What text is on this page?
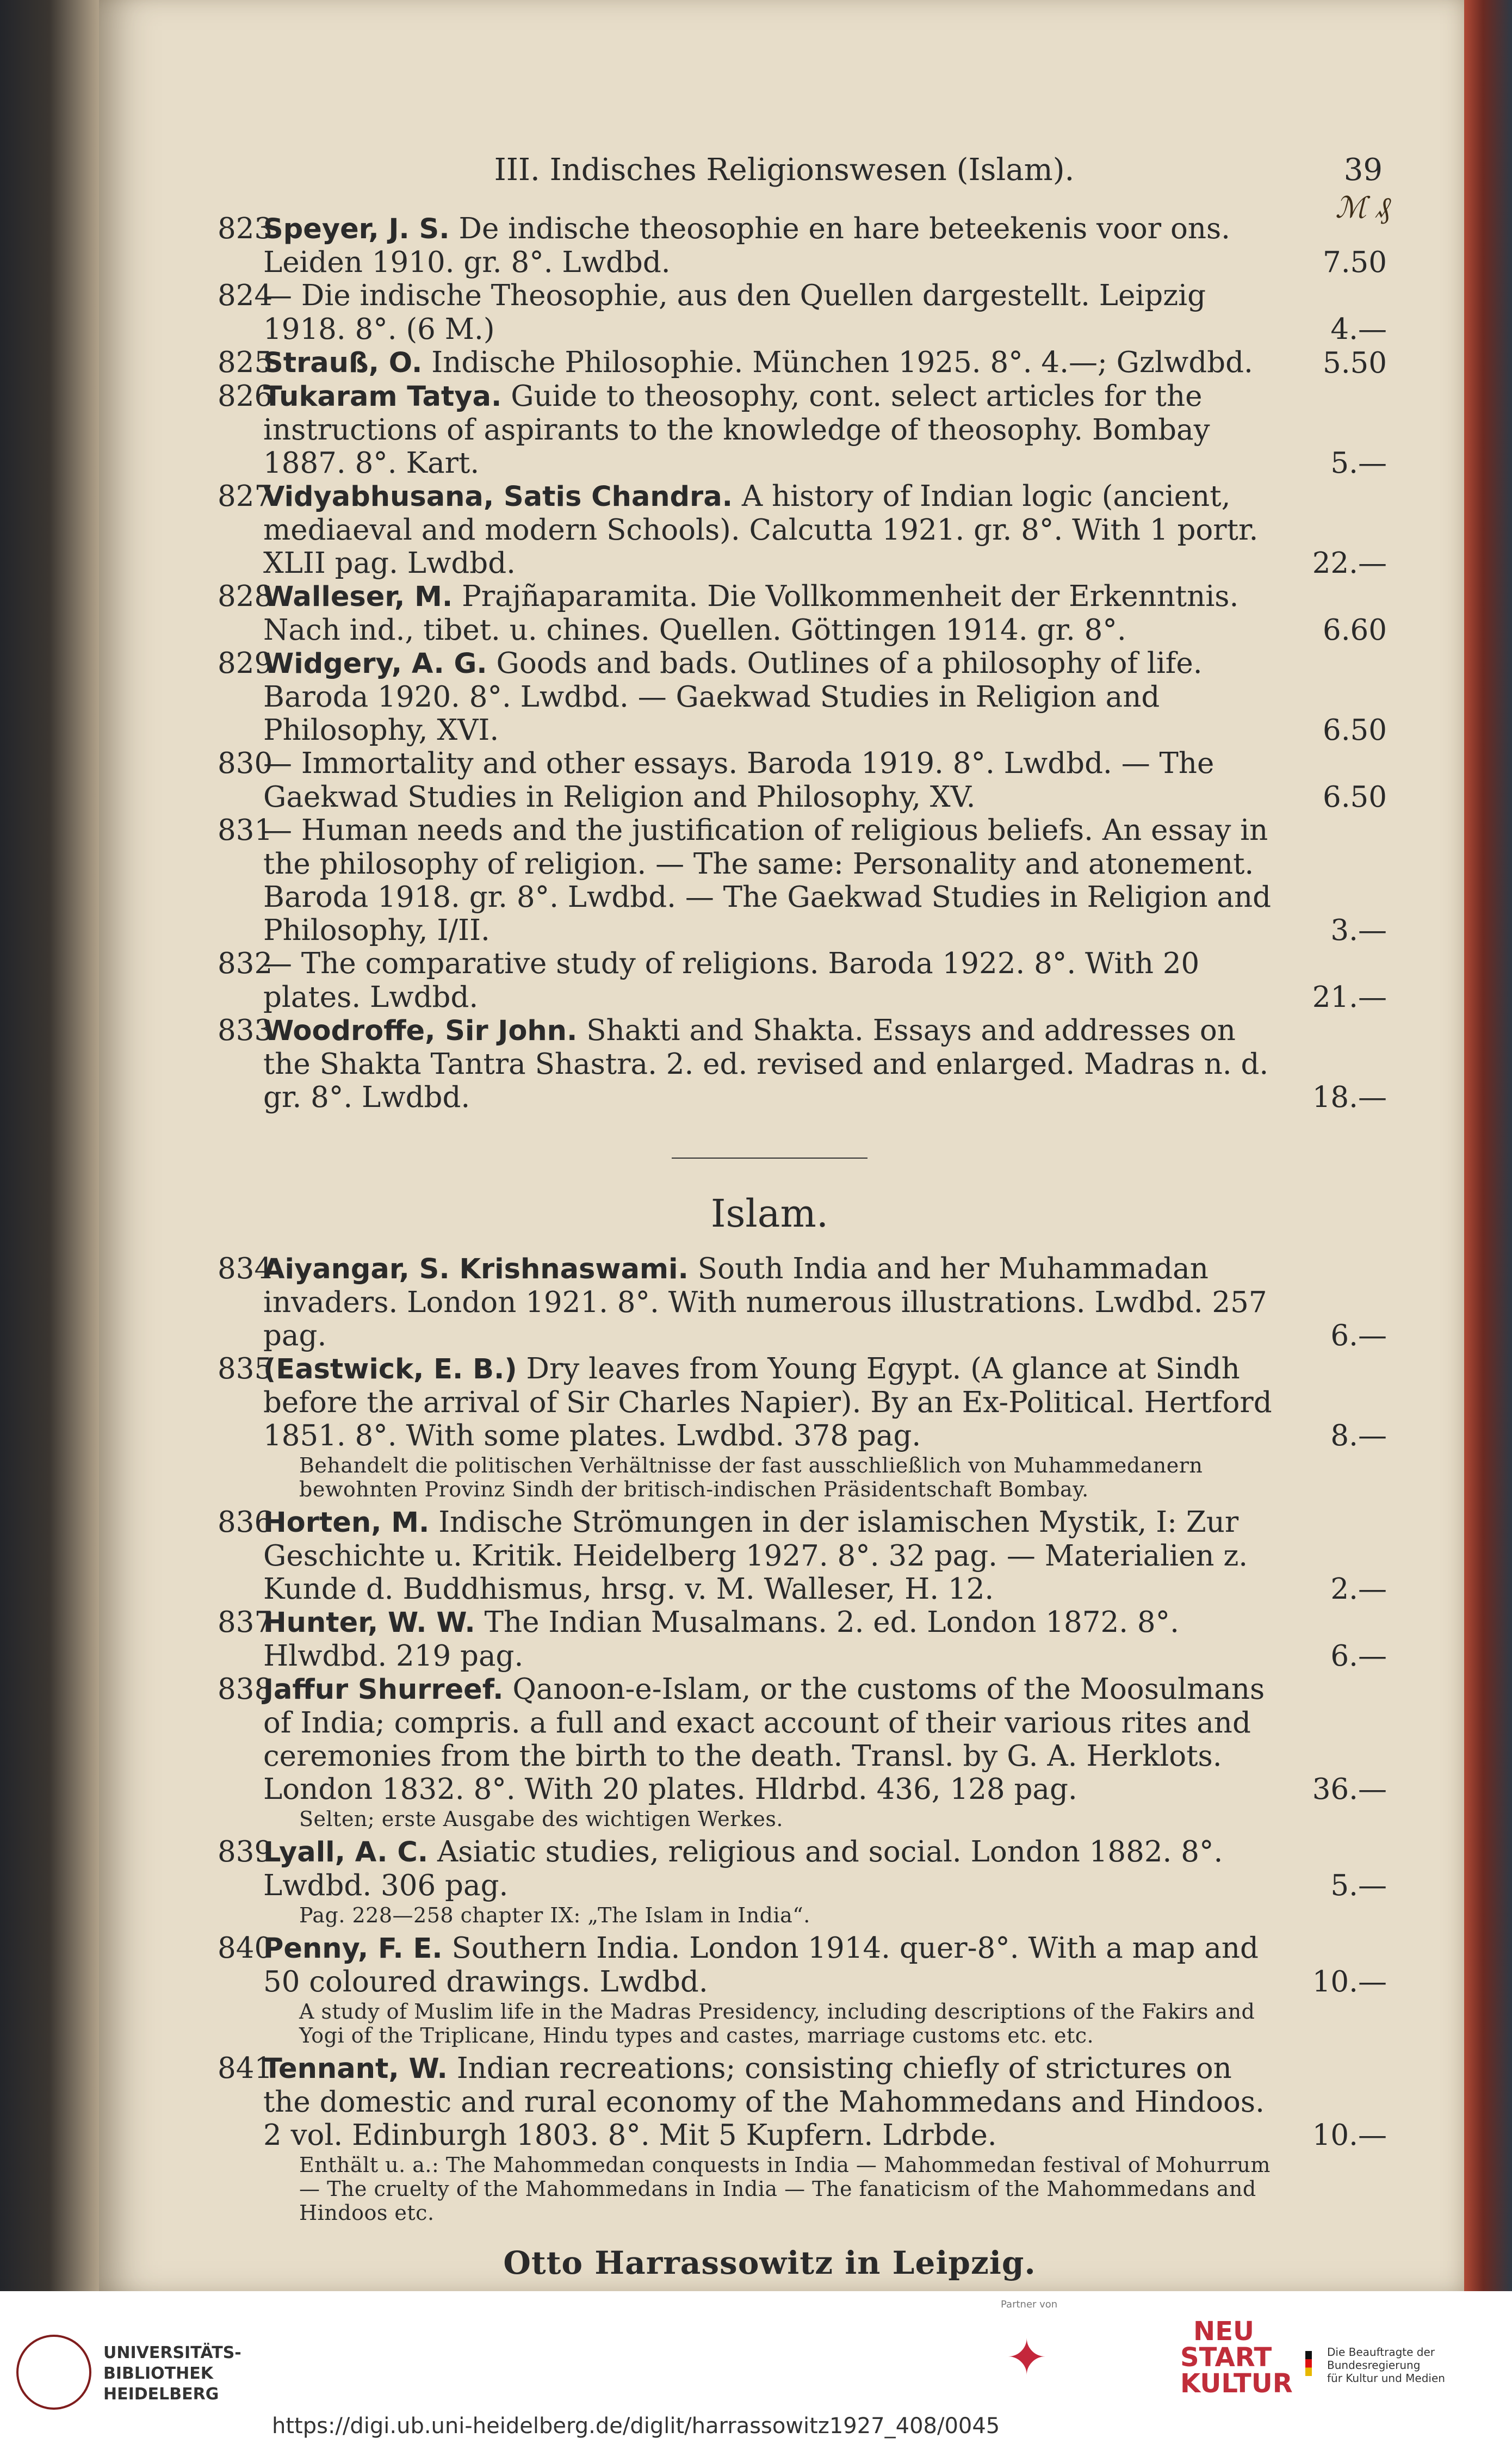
III. Indisches Religionswesen (Islam).	39
ℳ ₰
823
Speyer, J. S. De indische theosophie en hare beteekenis voor ons. Leiden 1910. gr. 8°. Lwdbd.	7.50
824
— Die indische Theosophie, aus den Quellen dargestellt. Leipzig 1918. 8°. (6 M.)	4.—
825
Strauß, O. Indische Philosophie. München 1925. 8°. 4.—; Gzlwdbd. 5.50
826
Tukaram Tatya. Guide to theosophy, cont. select articles for the instructions of aspirants to the knowledge of theosophy. Bombay 1887. 8°. Kart.	5.—
827
Vidyabhusana, Satis Chandra. A history of Indian logic (ancient, mediaeval and modern Schools). Calcutta 1921. gr. 8°. With 1 portr. XLII pag. Lwdbd.	22.—
828
Walleser, M. Prajñaparamita. Die Vollkommenheit der Erkenntnis. Nach ind., tibet. u. chines. Quellen. Göttingen 1914. gr. 8°.	6.60
829
Widgery, A. G. Goods and bads. Outlines of a philosophy of life. Baroda 1920. 8°. Lwdbd. — Gaekwad Studies in Religion and Philosophy, XVI.	6.50
830
— Immortality and other essays. Baroda 1919. 8°. Lwdbd. — The Gaekwad Studies in Religion and Philosophy, XV.	6.50
831
— Human needs and the justification of religious beliefs. An essay in the philosophy of religion. — The same: Personality and atonement. Baroda 1918. gr. 8°. Lwdbd. — The Gaekwad Studies in Religion and Philosophy, I/II.	3.—
832
— The comparative study of religions. Baroda 1922. 8°. With 20 plates. Lwdbd.	21.—
833
Woodroffe, Sir John. Shakti and Shakta. Essays and addresses on the Shakta Tantra Shastra. 2. ed. revised and enlarged. Madras n. d. gr. 8°. Lwdbd.	18.—
Islam.
834
Aiyangar, S. Krishnaswami. South India and her Muhammadan invaders. London 1921. 8°. With numerous illustrations. Lwdbd. 257 pag.	6.—
835
(Eastwick, E. B.) Dry leaves from Young Egypt. (A glance at Sindh before the arrival of Sir Charles Napier). By an Ex-Political. Hertford 1851. 8°. With some plates. Lwdbd. 378 pag.	8.—
Behandelt die politischen Verhältnisse der fast ausschließlich von Muhammedanern bewohnten Provinz Sindh der britisch-indischen Präsidentschaft Bombay.
836
Horten, M. Indische Strömungen in der islamischen Mystik, I: Zur Geschichte u. Kritik. Heidelberg 1927. 8°. 32 pag. — Materialien z. Kunde d. Buddhismus, hrsg. v. M. Walleser, H. 12.	2.—
837
Hunter, W. W. The Indian Musalmans. 2. ed. London 1872. 8°. Hlwdbd. 219 pag.	6.—
838
Jaffur Shurreef. Qanoon-e-Islam, or the customs of the Moosulmans of India; compris. a full and exact account of their various rites and ceremonies from the birth to the death. Transl. by G. A. Herklots. London 1832. 8°. With 20 plates. Hldrbd. 436, 128 pag.	36.—
Selten; erste Ausgabe des wichtigen Werkes.
839
Lyall, A. C. Asiatic studies, religious and social. London 1882. 8°. Lwdbd. 306 pag.	5.—
Pag. 228—258 chapter IX: „The Islam in India“.
840
Penny, F. E. Southern India. London 1914. quer-8°. With a map and 50 coloured drawings. Lwdbd.	10.—
A study of Muslim life in the Madras Presidency, including descriptions of the Fakirs and Yogi of the Triplicane, Hindu types and castes, marriage customs etc. etc.
841
Tennant, W. Indian recreations; consisting chiefly of strictures on the domestic and rural economy of the Mahommedans and Hindoos. 2 vol. Edinburgh 1803. 8°. Mit 5 Kupfern. Ldrbde.	10.—
Enthält u. a.: The Mahommedan conquests in India — Mahommedan festival of Mohurrum — The cruelty of the Mahommedans in India — The fanaticism of the Mahommedans and Hindoos etc.
Otto Harrassowitz in Leipzig.
UNIVERSITÄTS-
BIBLIOTHEK
HEIDELBERG
https://digi.ub.uni-heidelberg.de/diglit/harrassowitz1927_408/0045
Partner von
✦	NEU
START
KULTUR
Die Beauftragte der Bundesregierung
für Kultur und Medien
